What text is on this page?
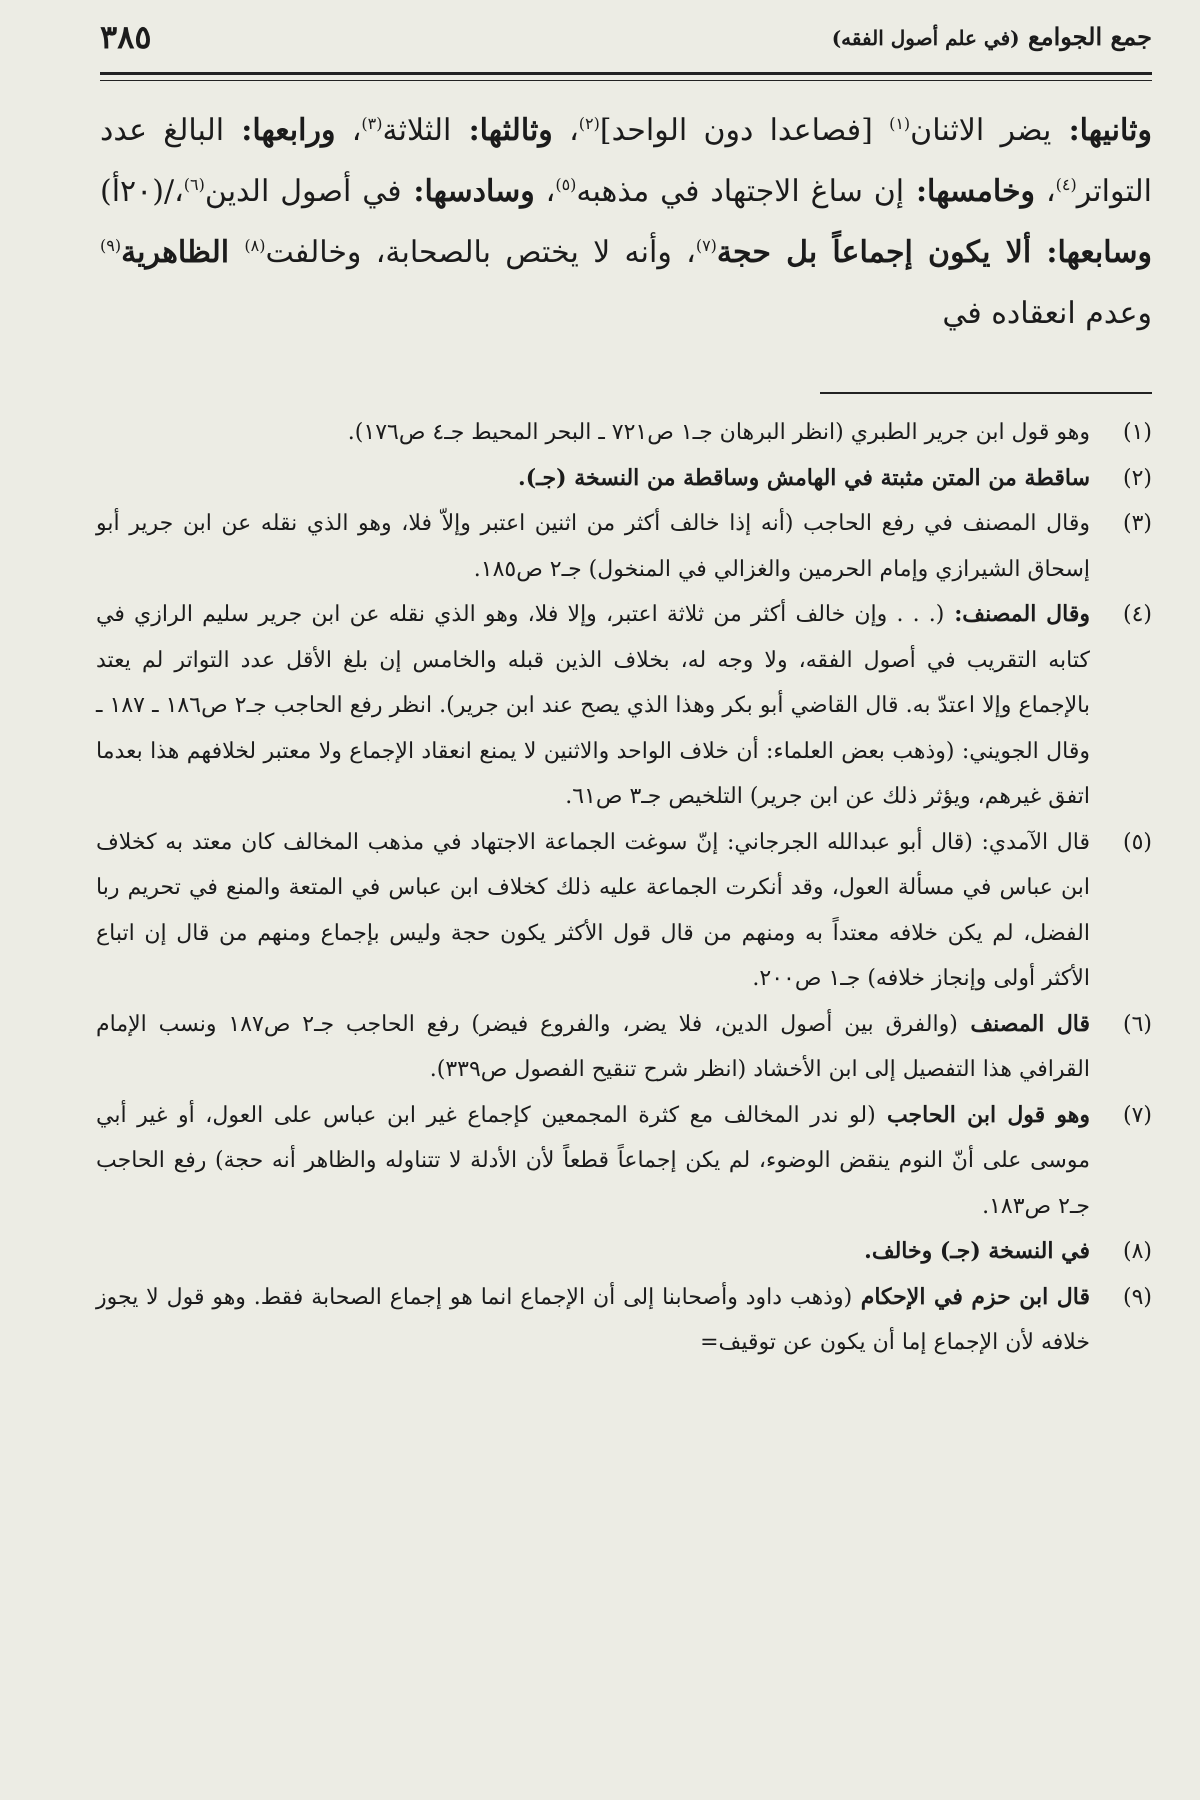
جمع الجوامع (في علم أصول الفقه)
٣٨٥
وثانيها: يضر الاثنان$^{(١)}$ [فصاعدا دون الواحد]$^{(٢)}$، وثالثها: الثلاثة$^{(٣)}$، ورابعها: البالغ عدد التواتر$^{(٤)}$، وخامسها: إن ساغ الاجتهاد في مذهبه$^{(٥)}$، وسادسها: في أصول الدين$^{(٦)}$،/(٢٠أ) وسابعها: ألا يكون إجماعاً بل حجة$^{(٧)}$، وأنه لا يختص بالصحابة، وخالفت$^{(٨)}$ الظاهرية$^{(٩)}$ وعدم انعقاده في
(١)
وهو قول ابن جرير الطبري (انظر البرهان جـ١ ص٧٢١ ـ البحر المحيط جـ٤ ص١٧٦).
(٢)
ساقطة من المتن مثبتة في الهامش وساقطة من النسخة (جـ).
(٣)
وقال المصنف في رفع الحاجب (أنه إذا خالف أكثر من اثنين اعتبر وإلاّ فلا، وهو الذي نقله عن ابن جرير أبو إسحاق الشيرازي وإمام الحرمين والغزالي في المنخول) جـ٢ ص١٨٥.
(٤)
وقال المصنف: (. . . وإن خالف أكثر من ثلاثة اعتبر، وإلا فلا، وهو الذي نقله عن ابن جرير سليم الرازي في كتابه التقريب في أصول الفقه، ولا وجه له، بخلاف الذين قبله والخامس إن بلغ الأقل عدد التواتر لم يعتد بالإجماع وإلا اعتدّ به. قال القاضي أبو بكر وهذا الذي يصح عند ابن جرير). انظر رفع الحاجب جـ٢ ص١٨٦ ـ ١٨٧ ـ وقال الجويني: (وذهب بعض العلماء: أن خلاف الواحد والاثنين لا يمنع انعقاد الإجماع ولا معتبر لخلافهم هذا بعدما اتفق غيرهم، ويؤثر ذلك عن ابن جرير) التلخيص جـ٣ ص٦١.
(٥)
قال الآمدي: (قال أبو عبدالله الجرجاني: إنّ سوغت الجماعة الاجتهاد في مذهب المخالف كان معتد به كخلاف ابن عباس في مسألة العول، وقد أنكرت الجماعة عليه ذلك كخلاف ابن عباس في المتعة والمنع في تحريم ربا الفضل، لم يكن خلافه معتداً به ومنهم من قال قول الأكثر يكون حجة وليس بإجماع ومنهم من قال إن اتباع الأكثر أولى وإنجاز خلافه) جـ١ ص٢٠٠.
(٦)
قال المصنف (والفرق بين أصول الدين، فلا يضر، والفروع فيضر) رفع الحاجب جـ٢ ص١٨٧ ونسب الإمام القرافي هذا التفصيل إلى ابن الأخشاد (انظر شرح تنقيح الفصول ص٣٣٩).
(٧)
وهو قول ابن الحاجب (لو ندر المخالف مع كثرة المجمعين كإجماع غير ابن عباس على العول، أو غير أبي موسى على أنّ النوم ينقض الوضوء، لم يكن إجماعاً قطعاً لأن الأدلة لا تتناوله والظاهر أنه حجة) رفع الحاجب جـ٢ ص١٨٣.
(٨)
في النسخة (جـ) وخالف.
(٩)
قال ابن حزم في الإحكام (وذهب داود وأصحابنا إلى أن الإجماع انما هو إجماع الصحابة فقط. وهو قول لا يجوز خلافه لأن الإجماع إما أن يكون عن توقيف=
